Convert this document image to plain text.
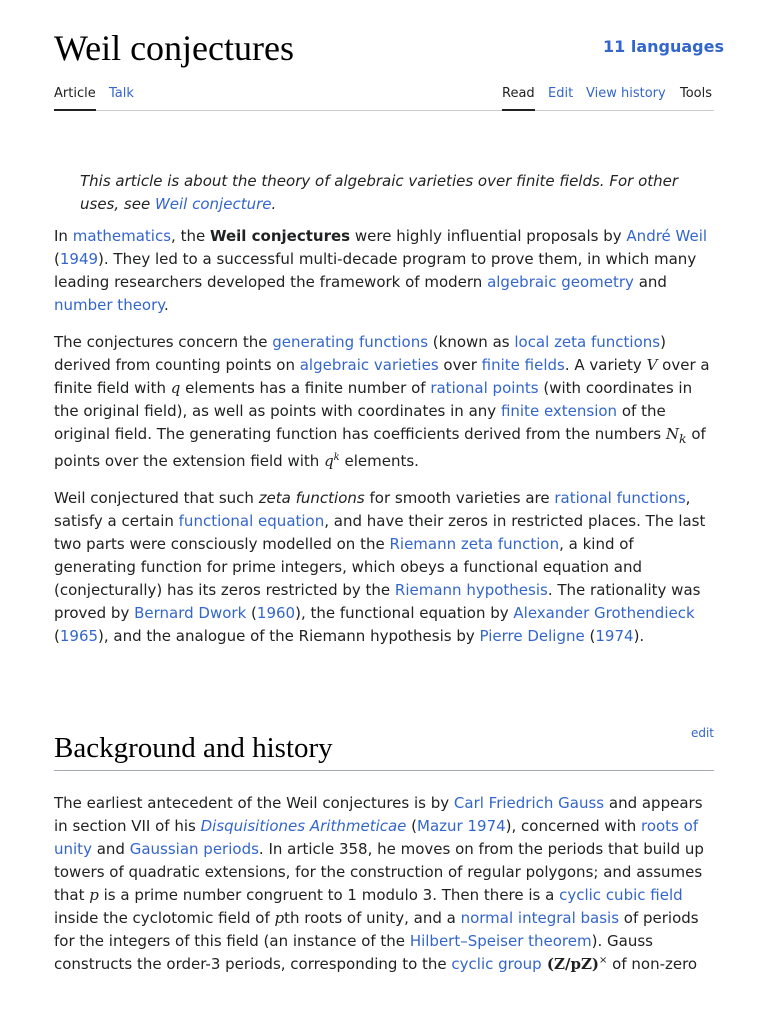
Weil conjectures	11 languages
Article Talk	Read Edit View history Tools
This article is about the theory of algebraic varieties over finite fields. For other uses, see Weil conjecture.

In mathematics, the Weil conjectures were highly influential proposals by André Weil (1949). They led to a successful multi-decade program to prove them, in which many leading researchers developed the framework of modern algebraic geometry and number theory.

The conjectures concern the generating functions (known as local zeta functions) derived from counting points on algebraic varieties over finite fields. A variety V over a finite field with q elements has a finite number of rational points (with coordinates in the original field), as well as points with coordinates in any finite extension of the original field. The generating function has coefficients derived from the numbers $N_k$ of points over the extension field with $q^k$ elements.

Weil conjectured that such zeta functions for smooth varieties are rational functions, satisfy a certain functional equation, and have their zeros in restricted places. The last two parts were consciously modelled on the Riemann zeta function, a kind of generating function for prime integers, which obeys a functional equation and (conjecturally) has its zeros restricted by the Riemann hypothesis. The rationality was proved by Bernard Dwork (1960), the functional equation by Alexander Grothendieck (1965), and the analogue of the Riemann hypothesis by Pierre Deligne (1974).

Background and history	edit

The earliest antecedent of the Weil conjectures is by Carl Friedrich Gauss and appears in section VII of his Disquisitiones Arithmeticae (Mazur 1974), concerned with roots of unity and Gaussian periods. In article 358, he moves on from the periods that build up towers of quadratic extensions, for the construction of regular polygons; and assumes that p is a prime number congruent to 1 modulo 3. Then there is a cyclic cubic field inside the cyclotomic field of pth roots of unity, and a normal integral basis of periods for the integers of this field (an instance of the Hilbert–Speiser theorem). Gauss constructs the order-3 periods, corresponding to the cyclic group (Z/pZ)× of non-zero
